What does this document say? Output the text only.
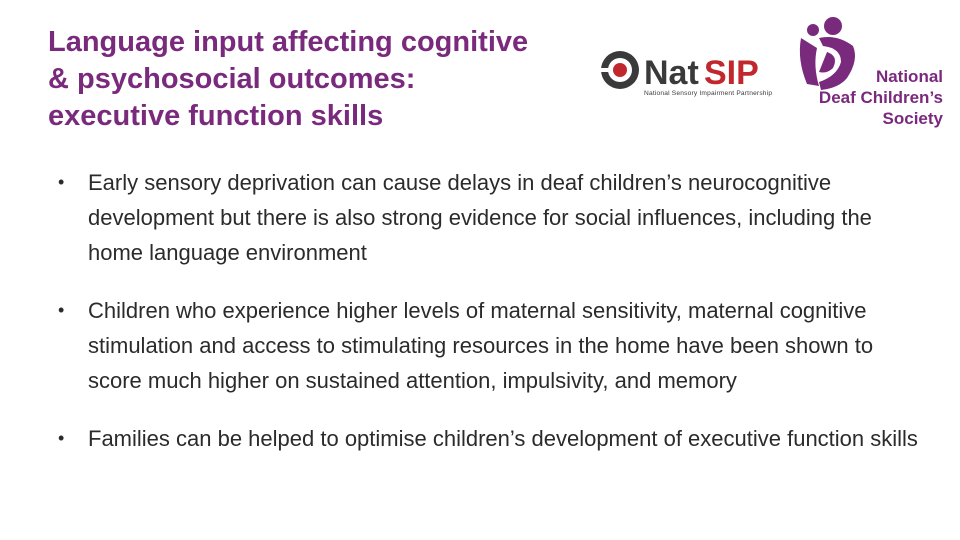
Language input affecting cognitive
& psychosocial outcomes:
executive function skills
Nat SIP
National Sensory Impairment Partnership
National
Deaf Children’s
Society
• Early sensory deprivation can cause delays in deaf children’s neurocognitive development but there is also strong evidence for social influences, including the home language environment
• Children who experience higher levels of maternal sensitivity, maternal cognitive stimulation and access to stimulating resources in the home have been shown to score much higher on sustained attention, impulsivity, and memory
• Families can be helped to optimise children’s development of executive function skills
